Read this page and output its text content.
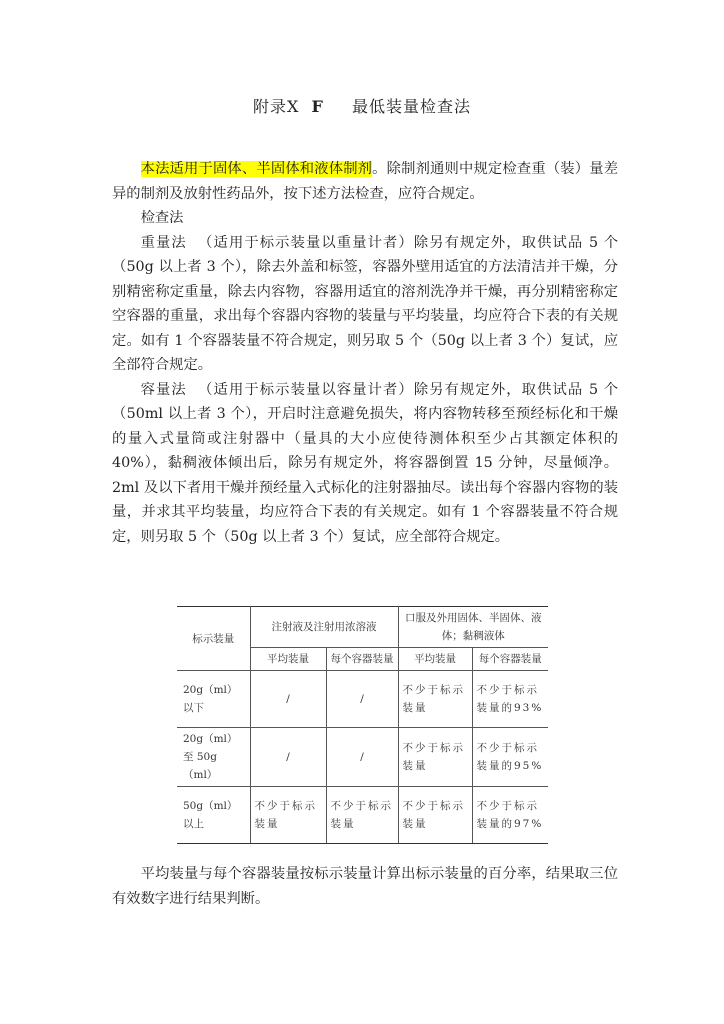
附录Ⅹ F 最低装量检查法

本法适用于固体、半固体和液体制剂。除制剂通则中规定检查重（装）量差异的制剂及放射性药品外，按下述方法检查，应符合规定。

检查法

重量法 （适用于标示装量以重量计者）除另有规定外，取供试品 5 个（50g 以上者 3 个），除去外盖和标签，容器外壁用适宜的方法清洁并干燥，分别精密称定重量，除去内容物，容器用适宜的溶剂洗净并干燥，再分别精密称定空容器的重量，求出每个容器内容物的装量与平均装量，均应符合下表的有关规定。如有 1 个容器装量不符合规定，则另取 5 个（50g 以上者 3 个）复试，应全部符合规定。

容量法 （适用于标示装量以容量计者）除另有规定外，取供试品 5 个（50ml 以上者 3 个），开启时注意避免损失，将内容物转移至预经标化和干燥的量入式量筒或注射器中（量具的大小应使待测体积至少占其额定体积的 40%），黏稠液体倾出后，除另有规定外，将容器倒置 15 分钟，尽量倾净。2ml 及以下者用干燥并预经量入式标化的注射器抽尽。读出每个容器内容物的装量，并求其平均装量，均应符合下表的有关规定。如有 1 个容器装量不符合规定，则另取 5 个（50g 以上者 3 个）复试，应全部符合规定。

标示装量	注射液及注射用浓溶液		口服及外用固体、半固体、液体；黏稠液体	
	平均装量	每个容器装量	平均装量	每个容器装量
20g（ml）以下	/	/	不少于标示装量	不少于标示装量的93%
20g（ml）至 50g（ml）	/	/	不少于标示装量	不少于标示装量的95%
50g（ml）以上	不少于标示装量	不少于标示装量	不少于标示装量	不少于标示装量的97%

平均装量与每个容器装量按标示装量计算出标示装量的百分率，结果取三位有效数字进行结果判断。
